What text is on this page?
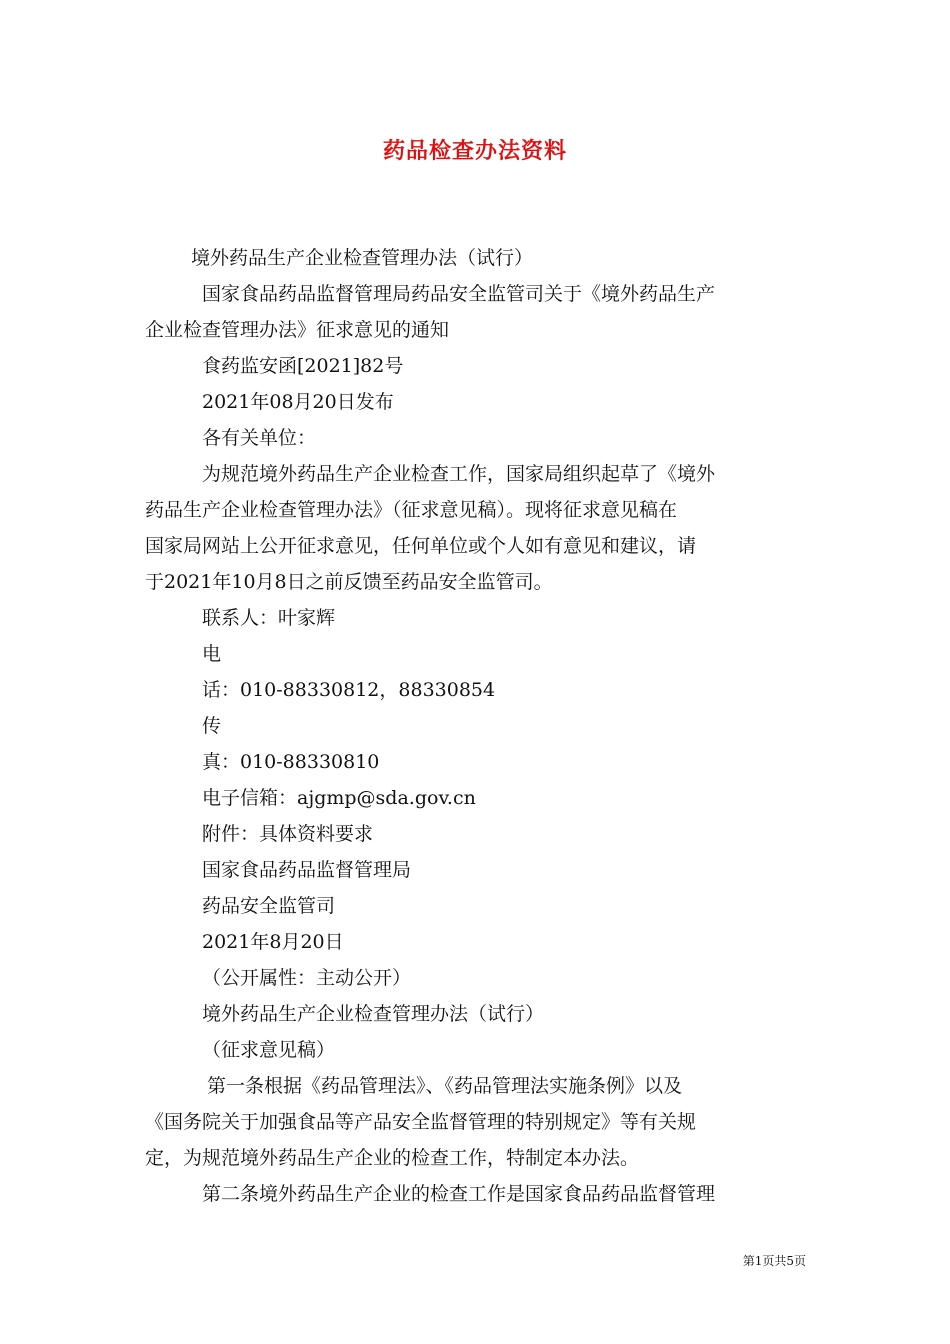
药品检查办法资料
境外药品生产企业检查管理办法（试行）
国家食品药品监督管理局药品安全监管司关于《境外药品生产
企业检查管理办法》征求意见的通知
食药监安函[2021]82号
2021年08月20日发布
各有关单位：
为规范境外药品生产企业检查工作，国家局组织起草了《境外
药品生产企业检查管理办法》（征求意见稿）。现将征求意见稿在
国家局网站上公开征求意见，任何单位或个人如有意见和建议，请
于2021年10月8日之前反馈至药品安全监管司。
联系人：叶家辉
电
话：010-88330812，88330854
传
真：010-88330810
电子信箱：ajgmp@sda.gov.cn
附件：具体资料要求
国家食品药品监督管理局
药品安全监管司
2021年8月20日
（公开属性：主动公开）
境外药品生产企业检查管理办法（试行）
（征求意见稿）
第一条根据《药品管理法》、《药品管理法实施条例》以及
《国务院关于加强食品等产品安全监督管理的特别规定》等有关规
定，为规范境外药品生产企业的检查工作，特制定本办法。
第二条境外药品生产企业的检查工作是国家食品药品监督管理
第1页共5页
